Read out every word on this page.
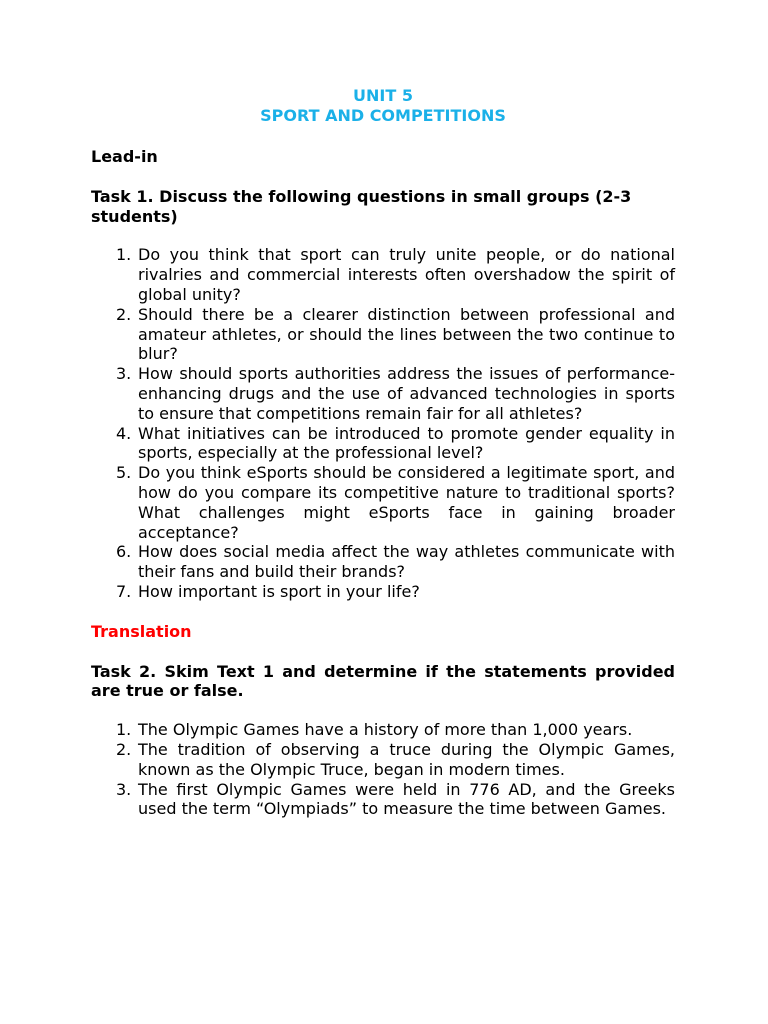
UNIT 5

SPORT AND COMPETITIONS

Lead-in

Task 1. Discuss the following questions in small groups (2-3 students)

1. Do you think that sport can truly unite people, or do national rivalries and commercial interests often overshadow the spirit of global unity?
2. Should there be a clearer distinction between professional and amateur athletes, or should the lines between the two continue to blur?
3. How should sports authorities address the issues of performance-enhancing drugs and the use of advanced technologies in sports to ensure that competitions remain fair for all athletes?
4. What initiatives can be introduced to promote gender equality in sports, especially at the professional level?
5. Do you think eSports should be considered a legitimate sport, and how do you compare its competitive nature to traditional sports? What challenges might eSports face in gaining broader acceptance?
6. How does social media affect the way athletes communicate with their fans and build their brands?
7. How important is sport in your life?

Translation

Task 2. Skim Text 1 and determine if the statements provided are true or false.

1. The Olympic Games have a history of more than 1,000 years.
2. The tradition of observing a truce during the Olympic Games, known as the Olympic Truce, began in modern times.
3. The first Olympic Games were held in 776 AD, and the Greeks used the term “Olympiads” to measure the time between Games.
